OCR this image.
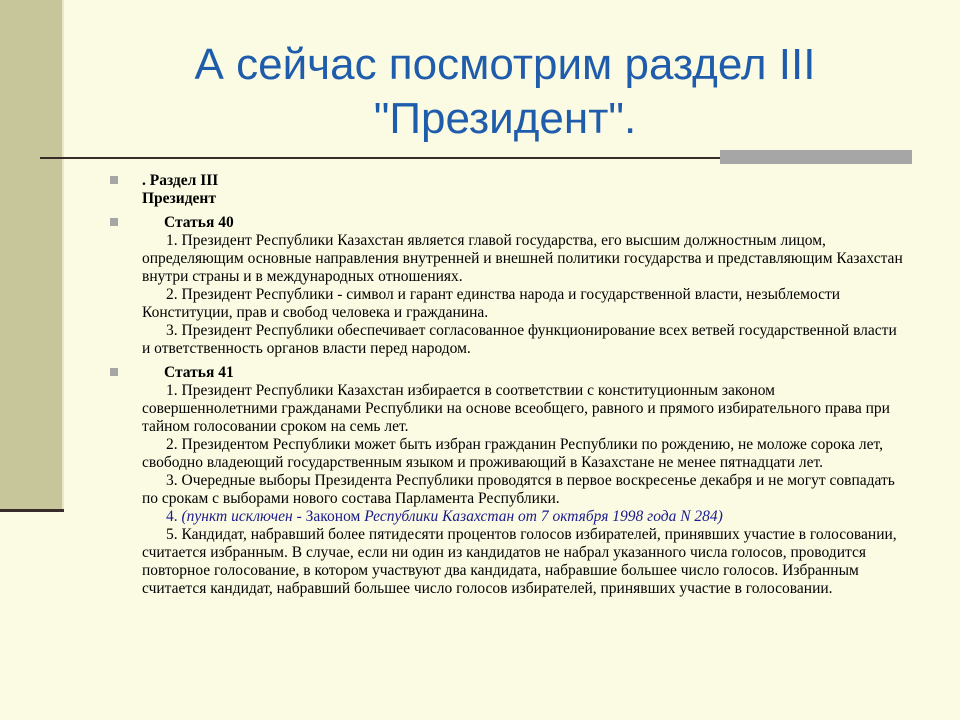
А сейчас посмотрим раздел III
"Президент".
. Раздел III
Президент
Статья 40
1. Президент Республики Казахстан является главой государства, его высшим должностным лицом, определяющим основные направления внутренней и внешней политики государства и представляющим Казахстан внутри страны и в международных отношениях.
2. Президент Республики - символ и гарант единства народа и государственной власти, незыблемости Конституции, прав и свобод человека и гражданина.
3. Президент Республики обеспечивает согласованное функционирование всех ветвей государственной власти и ответственность органов власти перед народом.
Статья 41
1. Президент Республики Казахстан избирается в соответствии с конституционным законом совершеннолетними гражданами Республики на основе всеобщего, равного и прямого избирательного права при тайном голосовании сроком на семь лет.
2. Президентом Республики может быть избран гражданин Республики по рождению, не моложе сорока лет, свободно владеющий государственным языком и проживающий в Казахстане не менее пятнадцати лет.
3. Очередные выборы Президента Республики проводятся в первое воскресенье декабря и не могут совпадать по срокам с выборами нового состава Парламента Республики.
4. (пункт исключен - Законом Республики Казахстан от 7 октября 1998 года N 284)
5. Кандидат, набравший более пятидесяти процентов голосов избирателей, принявших участие в голосовании, считается избранным. В случае, если ни один из кандидатов не набрал указанного числа голосов, проводится повторное голосование, в котором участвуют два кандидата, набравшие большее число голосов. Избранным считается кандидат, набравший большее число голосов избирателей, принявших участие в голосовании.
